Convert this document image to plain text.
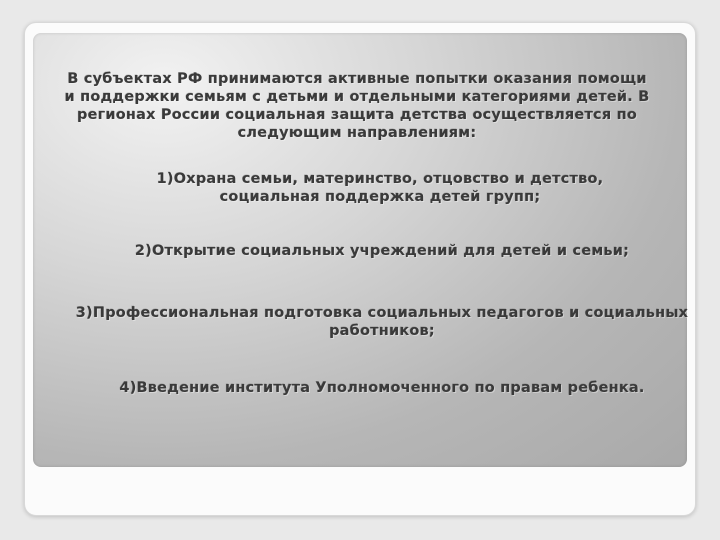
В субъектах РФ принимаются активные попытки оказания помощи и поддержки семьям с детьми и отдельными категориями детей. В регионах России социальная защита детства осуществляется по следующим направлениям:

1)Охрана семьи, материнство, отцовство и детство, социальная поддержка детей групп;

2)Открытие социальных учреждений для детей и семьи;

3)Профессиональная подготовка социальных педагогов и социальных работников;

4)Введение института Уполномоченного по правам ребенка.
